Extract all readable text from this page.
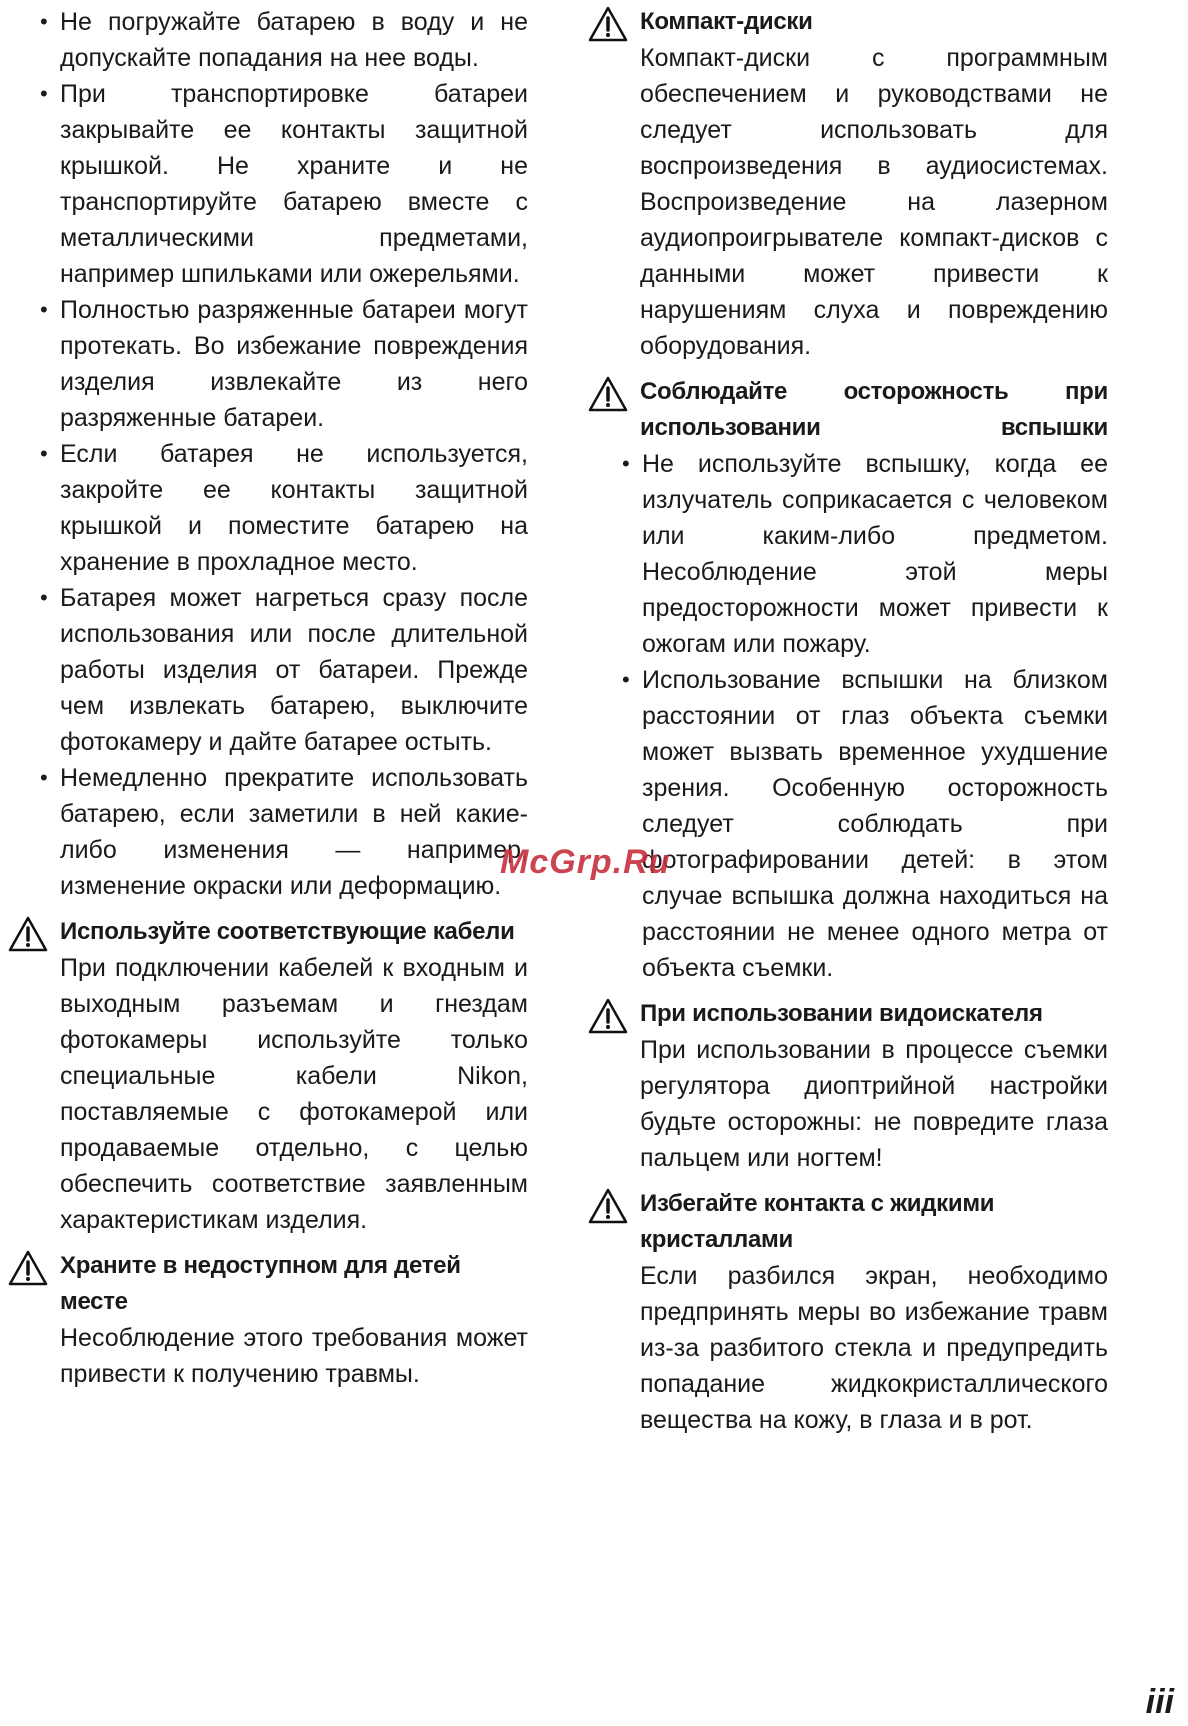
• Не погружайте батарею в воду и не допускайте попадания на нее воды.
• При транспортировке батареи закрывайте ее контакты защитной крышкой. Не храните и не транспортируйте батарею вместе с металлическими предметами, например шпильками или ожерельями.
• Полностью разряженные батареи могут протекать. Во избежание повреждения изделия извлекайте из него разряженные батареи.
• Если батарея не используется, закройте ее контакты защитной крышкой и поместите батарею на хранение в прохладное место.
• Батарея может нагреться сразу после использования или после длительной работы изделия от батареи. Прежде чем извлекать батарею, выключите фотокамеру и дайте батарее остыть.
• Немедленно прекратите использовать батарею, если заметили в ней какие-либо изменения — например, изменение окраски или деформацию.
Используйте соответствующие кабели

При подключении кабелей к входным и выходным разъемам и гнездам фотокамеры используйте только специальные кабели Nikon, поставляемые с фотокамерой или продаваемые отдельно, с целью обеспечить соответствие заявленным характеристикам изделия.

Храните в недоступном для детей месте

Несоблюдение этого требования может привести к получению травмы.

Компакт-диски

Компакт-диски с программным обеспечением и руководствами не следует использовать для воспроизведения в аудиосистемах. Воспроизведение на лазерном аудиопроигрывателе компакт-дисков с данными может привести к нарушениям слуха и повреждению оборудования.

Соблюдайте осторожность при использовании вспышки
• Не используйте вспышку, когда ее излучатель соприкасается с человеком или каким-либо предметом. Несоблюдение этой меры предосторожности может привести к ожогам или пожару.
• Использование вспышки на близком расстоянии от глаз объекта съемки может вызвать временное ухудшение зрения. Особенную осторожность следует соблюдать при фотографировании детей: в этом случае вспышка должна находиться на расстоянии не менее одного метра от объекта съемки.
При использовании видоискателя

При использовании в процессе съемки регулятора диоптрийной настройки будьте осторожны: не повредите глаза пальцем или ногтем!

Избегайте контакта с жидкими кристаллами

Если разбился экран, необходимо предпринять меры во избежание травм из-за разбитого стекла и предупредить попадание жидкокристаллического вещества на кожу, в глаза и в рот.

McGrp.Ru
iii
